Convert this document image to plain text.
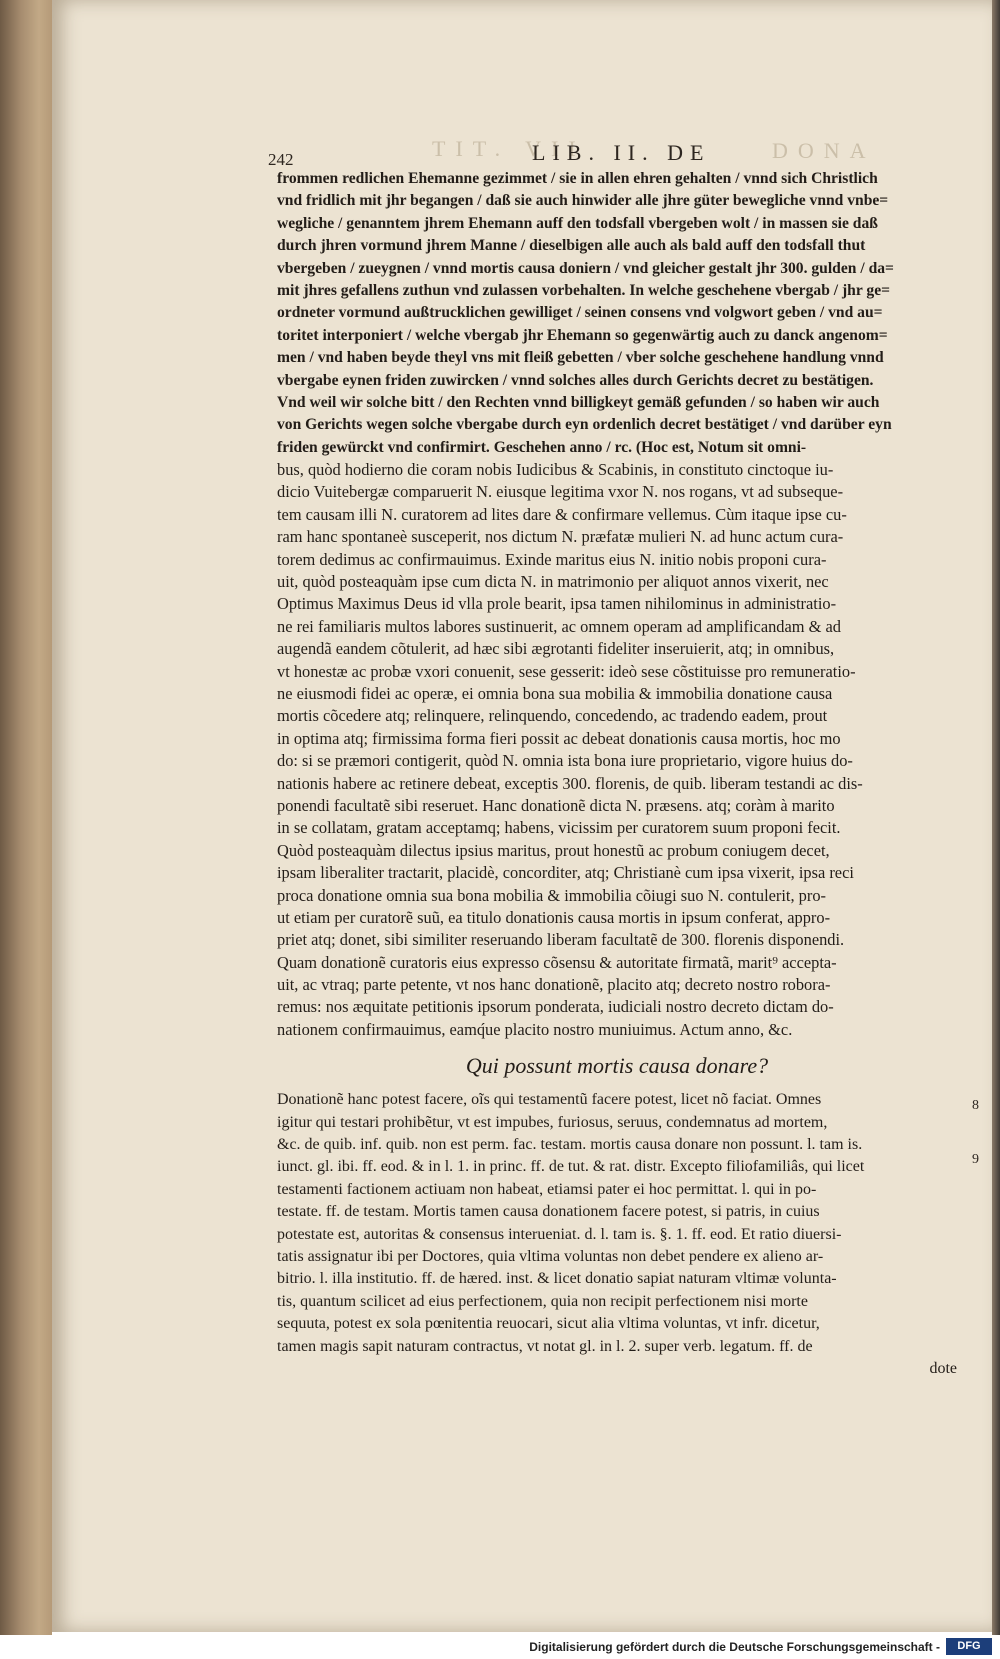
TIT. VII	DONA
242	LIB. II. DE
frommen redlichen Ehemanne gezimmet / sie in allen ehren gehalten / vnnd sich Christlich
vnd fridlich mit jhr begangen / daß sie auch hinwider alle jhre güter bewegliche vnnd vnbe=
wegliche / genanntem jhrem Ehemann auff den todsfall vbergeben wolt / in massen sie daß
durch jhren vormund jhrem Manne / dieselbigen alle auch als bald auff den todsfall thut
vbergeben / zueygnen / vnnd mortis causa doniern / vnd gleicher gestalt jhr 300. gulden / da=
mit jhres gefallens zuthun vnd zulassen vorbehalten. In welche geschehene vbergab / jhr ge=
ordneter vormund außtrucklichen gewilliget / seinen consens vnd volgwort geben / vnd au=
toritet interponiert / welche vbergab jhr Ehemann so gegenwärtig auch zu danck angenom=
men / vnd haben beyde theyl vns mit fleiß gebetten / vber solche geschehene handlung vnnd
vbergabe eynen friden zuwircken / vnnd solches alles durch Gerichts decret zu bestätigen.
Vnd weil wir solche bitt / den Rechten vnnd billigkeyt gemäß gefunden / so haben wir auch
von Gerichts wegen solche vbergabe durch eyn ordenlich decret bestätiget / vnd darüber eyn
friden gewürckt vnd confirmirt. Geschehen anno / rc. (Hoc est, Notum sit omni-
bus, quòd hodierno die coram nobis Iudicibus & Scabinis, in constituto cinctoque iu-
dicio Vuitebergæ comparuerit N. eiusque legitima vxor N. nos rogans, vt ad subseque-
tem causam illi N. curatorem ad lites dare & confirmare vellemus. Cùm itaque ipse cu-
ram hanc spontaneè susceperit, nos dictum N. præfatæ mulieri N. ad hunc actum cura-
torem dedimus ac confirmauimus. Exinde maritus eius N. initio nobis proponi cura-
uit, quòd posteaquàm ipse cum dicta N. in matrimonio per aliquot annos vixerit, nec
Optimus Maximus Deus id vlla prole bearit, ipsa tamen nihilominus in administratio-
ne rei familiaris multos labores sustinuerit, ac omnem operam ad amplificandam & ad
augendã eandem cõtulerit, ad hæc sibi ægrotanti fideliter inseruierit, atq; in omnibus,
vt honestæ ac probæ vxori conuenit, sese gesserit: ideò sese cõstituisse pro remuneratio-
ne eiusmodi fidei ac operæ, ei omnia bona sua mobilia & immobilia donatione causa
mortis cõcedere atq; relinquere, relinquendo, concedendo, ac tradendo eadem, prout
in optima atq; firmissima forma fieri possit ac debeat donationis causa mortis, hoc mo
do: si se præmori contigerit, quòd N. omnia ista bona iure proprietario, vigore huius do-
nationis habere ac retinere debeat, exceptis 300. florenis, de quib. liberam testandi ac dis-
ponendi facultatẽ sibi reseruet. Hanc donationẽ dicta N. præsens. atq; coràm à marito
in se collatam, gratam acceptamq; habens, vicissim per curatorem suum proponi fecit.
Quòd posteaquàm dilectus ipsius maritus, prout honestũ ac probum coniugem decet,
ipsam liberaliter tractarit, placidè, concorditer, atq; Christianè cum ipsa vixerit, ipsa reci
proca donatione omnia sua bona mobilia & immobilia cõiugi suo N. contulerit, pro-
ut etiam per curatorẽ suũ, ea titulo donationis causa mortis in ipsum conferat, appro-
priet atq; donet, sibi similiter reseruando liberam facultatẽ de 300. florenis disponendi.
Quam donationẽ curatoris eius expresso cõsensu & autoritate firmatã, marit⁹ accepta-
uit, ac vtraq; parte petente, vt nos hanc donationẽ, placito atq; decreto nostro robora-
remus: nos æquitate petitionis ipsorum ponderata, iudiciali nostro decreto dictam do-
nationem confirmauimus, eamq́ue placito nostro muniuimus. Actum anno, &c.
Qui possunt mortis causa donare?
Donationẽ hanc potest facere, oĩs qui testamentũ facere potest, licet nõ faciat. Omnes
igitur qui testari prohibẽtur, vt est impubes, furiosus, seruus, condemnatus ad mortem,
&c. de quib. inf. quib. non est perm. fac. testam. mortis causa donare non possunt. l. tam is.
iunct. gl. ibi. ff. eod. & in l. 1. in princ. ff. de tut. & rat. distr. Excepto filiofamiliâs, qui licet
testamenti factionem actiuam non habeat, etiamsi pater ei hoc permittat. l. qui in po-
testate. ff. de testam. Mortis tamen causa donationem facere potest, si patris, in cuius
potestate est, autoritas & consensus interueniat. d. l. tam is. §. 1. ff. eod. Et ratio diuersi-
tatis assignatur ibi per Doctores, quia vltima voluntas non debet pendere ex alieno ar-
bitrio. l. illa institutio. ff. de hæred. inst. & licet donatio sapiat naturam vltimæ volunta-
tis, quantum scilicet ad eius perfectionem, quia non recipit perfectionem nisi morte
sequuta, potest ex sola pœnitentia reuocari, sicut alia vltima voluntas, vt infr. dicetur,
tamen magis sapit naturam contractus, vt notat gl. in l. 2. super verb. legatum. ff. de
dote
8
9
Digitalisierung gefördert durch die Deutsche Forschungsgemeinschaft -	DFG
